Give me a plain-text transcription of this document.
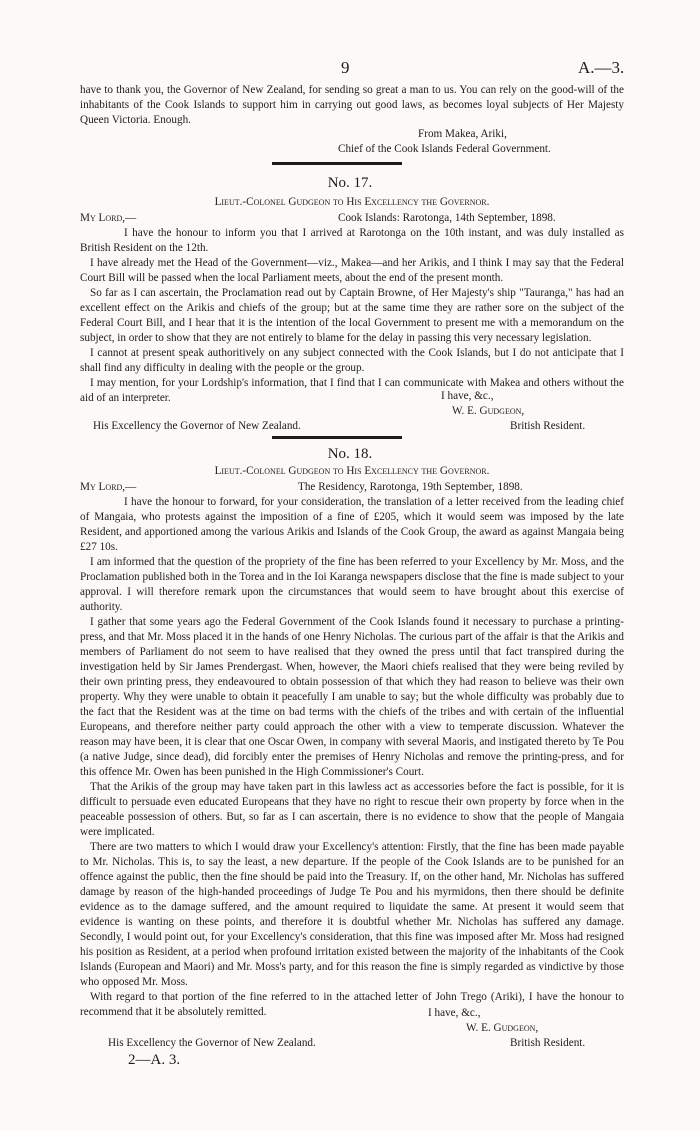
9	A.—3.

have to thank you, the Governor of New Zealand, for sending so great a man to us. You can rely on the good-will of the inhabitants of the Cook Islands to support him in carrying out good laws, as becomes loyal subjects of Her Majesty Queen Victoria. Enough.

From Makea, Ariki,
Chief of the Cook Islands Federal Government.
No. 17.
Lieut.-Colonel Gudgeon to His Excellency the Governor.
My Lord,—	Cook Islands: Rarotonga, 14th September, 1898.

I have the honour to inform you that I arrived at Rarotonga on the 10th instant, and was duly installed as British Resident on the 12th.

I have already met the Head of the Government—viz., Makea—and her Arikis, and I think I may say that the Federal Court Bill will be passed when the local Parliament meets, about the end of the present month.

So far as I can ascertain, the Proclamation read out by Captain Browne, of Her Majesty's ship "Tauranga," has had an excellent effect on the Arikis and chiefs of the group; but at the same time they are rather sore on the subject of the Federal Court Bill, and I hear that it is the intention of the local Government to present me with a memorandum on the subject, in order to show that they are not entirely to blame for the delay in passing this very necessary legislation.

I cannot at present speak authoritively on any subject connected with the Cook Islands, but I do not anticipate that I shall find any difficulty in dealing with the people or the group.

I may mention, for your Lordship's information, that I find that I can communicate with Makea and others without the aid of an interpreter.	I have, &c.,
W. E. Gudgeon,
His Excellency the Governor of New Zealand.	British Resident.
No. 18.
Lieut.-Colonel Gudgeon to His Excellency the Governor.
My Lord,—	The Residency, Rarotonga, 19th September, 1898.

I have the honour to forward, for your consideration, the translation of a letter received from the leading chief of Mangaia, who protests against the imposition of a fine of £205, which it would seem was imposed by the late Resident, and apportioned among the various Arikis and Islands of the Cook Group, the award as against Mangaia being £27 10s.

I am informed that the question of the propriety of the fine has been referred to your Excellency by Mr. Moss, and the Proclamation published both in the Torea and in the Ioi Karanga newspapers disclose that the fine is made subject to your approval. I will therefore remark upon the circumstances that would seem to have brought about this exercise of authority.

I gather that some years ago the Federal Government of the Cook Islands found it necessary to purchase a printing-press, and that Mr. Moss placed it in the hands of one Henry Nicholas. The curious part of the affair is that the Arikis and members of Parliament do not seem to have realised that they owned the press until that fact transpired during the investigation held by Sir James Prendergast. When, however, the Maori chiefs realised that they were being reviled by their own printing press, they endeavoured to obtain possession of that which they had reason to believe was their own property. Why they were unable to obtain it peacefully I am unable to say; but the whole difficulty was probably due to the fact that the Resident was at the time on bad terms with the chiefs of the tribes and with certain of the influential Europeans, and therefore neither party could approach the other with a view to temperate discussion. Whatever the reason may have been, it is clear that one Oscar Owen, in company with several Maoris, and instigated thereto by Te Pou (a native Judge, since dead), did forcibly enter the premises of Henry Nicholas and remove the printing-press, and for this offence Mr. Owen has been punished in the High Commissioner's Court.

That the Arikis of the group may have taken part in this lawless act as accessories before the fact is possible, for it is difficult to persuade even educated Europeans that they have no right to rescue their own property by force when in the peaceable possession of others. But, so far as I can ascertain, there is no evidence to show that the people of Mangaia were implicated.

There are two matters to which I would draw your Excellency's attention: Firstly, that the fine has been made payable to Mr. Nicholas. This is, to say the least, a new departure. If the people of the Cook Islands are to be punished for an offence against the public, then the fine should be paid into the Treasury. If, on the other hand, Mr. Nicholas has suffered damage by reason of the high-handed proceedings of Judge Te Pou and his myrmidons, then there should be definite evidence as to the damage suffered, and the amount required to liquidate the same. At present it would seem that evidence is wanting on these points, and therefore it is doubtful whether Mr. Nicholas has suffered any damage. Secondly, I would point out, for your Excellency's consideration, that this fine was imposed after Mr. Moss had resigned his position as Resident, at a period when profound irritation existed between the majority of the inhabitants of the Cook Islands (European and Maori) and Mr. Moss's party, and for this reason the fine is simply regarded as vindictive by those who opposed Mr. Moss.

With regard to that portion of the fine referred to in the attached letter of John Trego (Ariki), I have the honour to recommend that it be absolutely remitted.	I have, &c.,
W. E. Gudgeon,
His Excellency the Governor of New Zealand.	British Resident.
2—A. 3.
